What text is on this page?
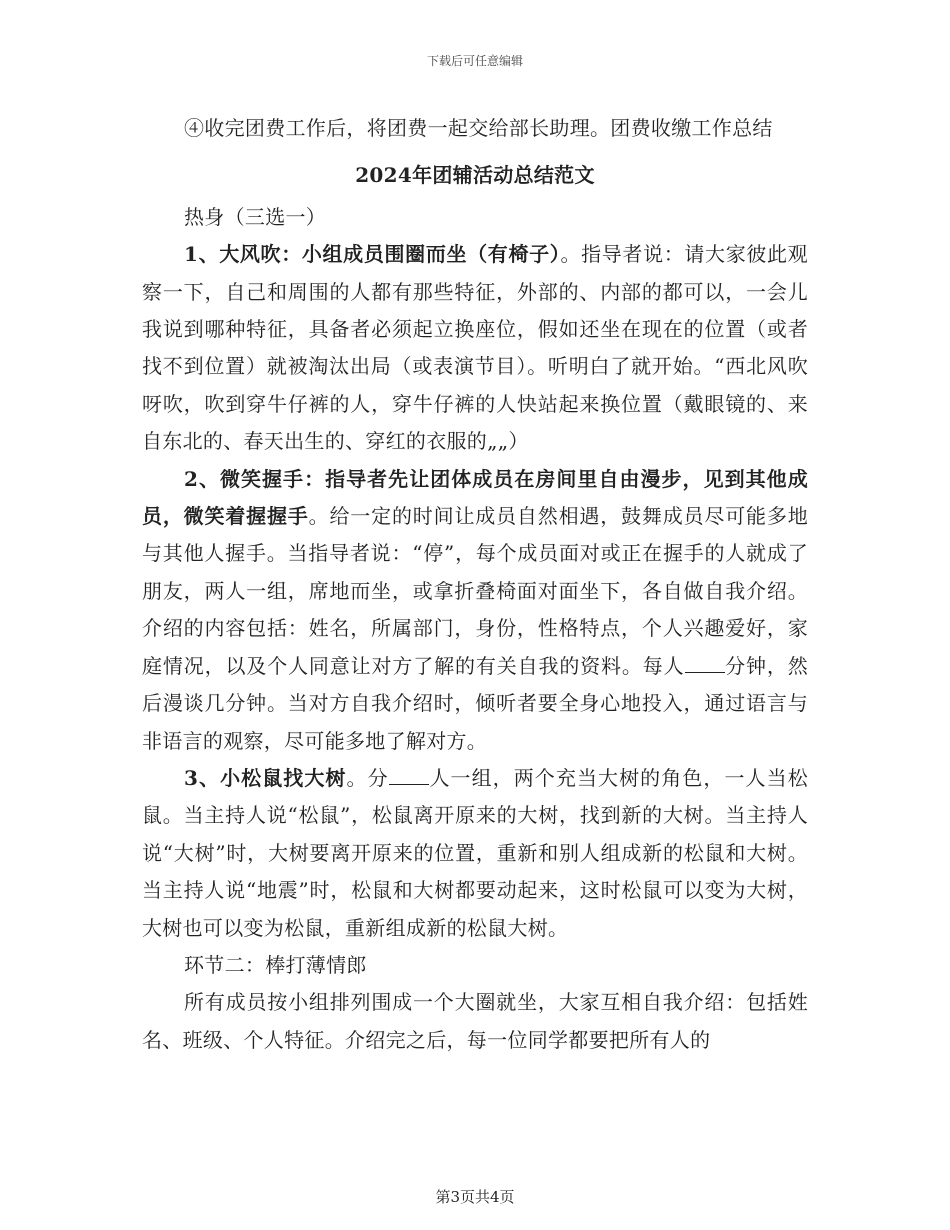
下载后可任意编辑

④收完团费工作后，将团费一起交给部长助理。团费收缴工作总结

2024年团辅活动总结范文

热身（三选一）

1、大风吹：小组成员围圈而坐（有椅子）。指导者说：请大家彼此观察一下，自己和周围的人都有那些特征，外部的、内部的都可以，一会儿我说到哪种特征，具备者必须起立换座位，假如还坐在现在的位置（或者找不到位置）就被淘汰出局（或表演节目）。听明白了就开始。“西北风吹呀吹，吹到穿牛仔裤的人，穿牛仔裤的人快站起来换位置（戴眼镜的、来自东北的、春天出生的、穿红的衣服的„„）

2、微笑握手：指导者先让团体成员在房间里自由漫步，见到其他成员，微笑着握握手。给一定的时间让成员自然相遇，鼓舞成员尽可能多地与其他人握手。当指导者说：“停”，每个成员面对或正在握手的人就成了朋友，两人一组，席地而坐，或拿折叠椅面对面坐下，各自做自我介绍。介绍的内容包括：姓名，所属部门，身份，性格特点，个人兴趣爱好，家庭情况，以及个人同意让对方了解的有关自我的资料。每人 分钟，然后漫谈几分钟。当对方自我介绍时，倾听者要全身心地投入，通过语言与非语言的观察，尽可能多地了解对方。

3、小松鼠找大树。分 人一组，两个充当大树的角色，一人当松鼠。当主持人说“松鼠”，松鼠离开原来的大树，找到新的大树。当主持人说“大树”时，大树要离开原来的位置，重新和别人组成新的松鼠和大树。当主持人说“地震”时，松鼠和大树都要动起来，这时松鼠可以变为大树，大树也可以变为松鼠，重新组成新的松鼠大树。

环节二：棒打薄情郎

所有成员按小组排列围成一个大圈就坐，大家互相自我介绍：包括姓名、班级、个人特征。介绍完之后，每一位同学都要把所有人的

第3页共4页
